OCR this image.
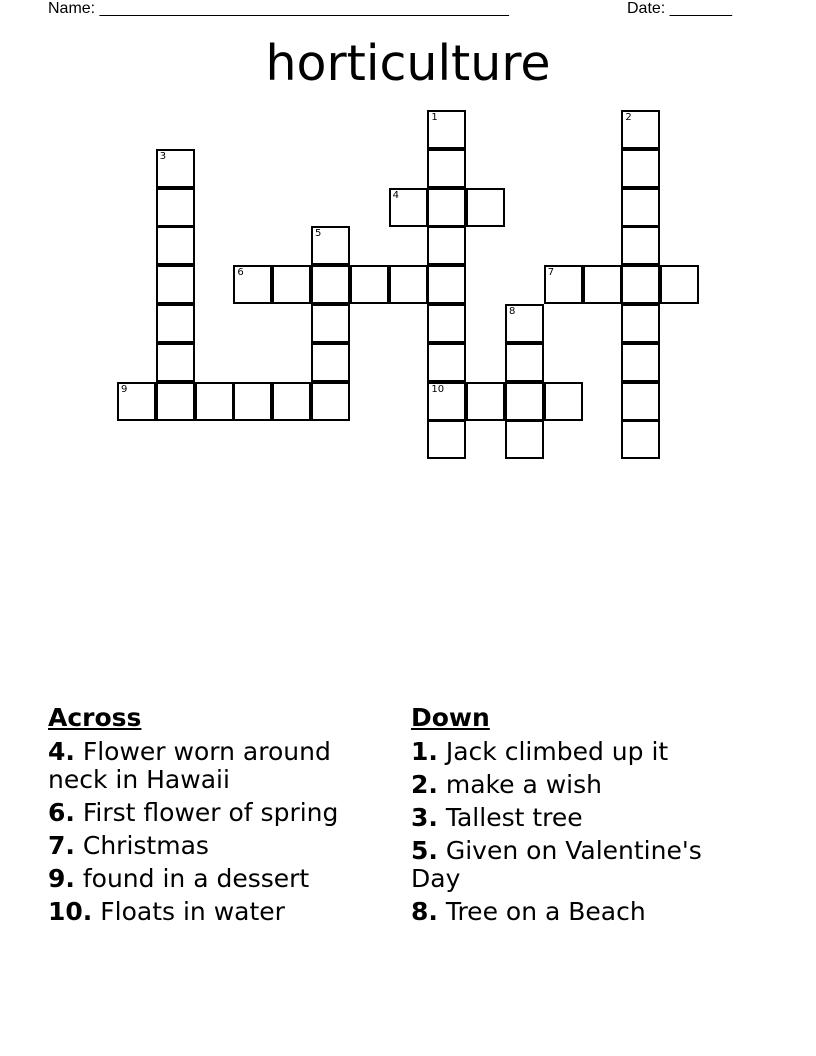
Name: ______________________________________________	Date: _______
horticulture
1
10
2
3
4
5
6	7
8
9
Across
4. Flower worn around neck in Hawaii
6. First flower of spring
7. Christmas
9. found in a dessert
10. Floats in water
Down
1. Jack climbed up it
2. make a wish
3. Tallest tree
5. Given on Valentine's Day
8. Tree on a Beach
